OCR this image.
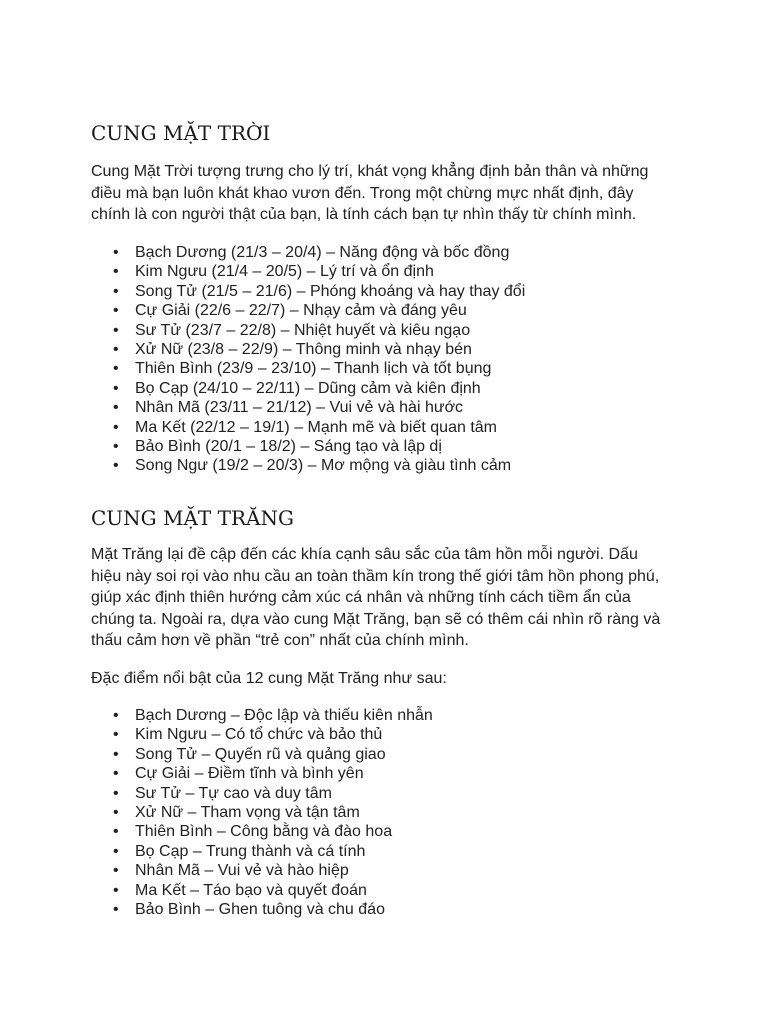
CUNG MẶT TRỜI

Cung Mặt Trời tượng trưng cho lý trí, khát vọng khẳng định bản thân và những
điều mà bạn luôn khát khao vươn đến. Trong một chừng mực nhất định, đây
chính là con người thật của bạn, là tính cách bạn tự nhìn thấy từ chính mình.

• Bạch Dương (21/3 – 20/4) – Năng động và bốc đồng
• Kim Ngưu (21/4 – 20/5) – Lý trí và ổn định
• Song Tử (21/5 – 21/6) – Phóng khoáng và hay thay đổi
• Cự Giải (22/6 – 22/7) – Nhạy cảm và đáng yêu
• Sư Tử (23/7 – 22/8) – Nhiệt huyết và kiêu ngạo
• Xử Nữ (23/8 – 22/9) – Thông minh và nhạy bén
• Thiên Bình (23/9 – 23/10) – Thanh lịch và tốt bụng
• Bọ Cạp (24/10 – 22/11) – Dũng cảm và kiên định
• Nhân Mã (23/11 – 21/12) – Vui vẻ và hài hước
• Ma Kết (22/12 – 19/1) – Mạnh mẽ và biết quan tâm
• Bảo Bình (20/1 – 18/2) – Sáng tạo và lập dị
• Song Ngư (19/2 – 20/3) – Mơ mộng và giàu tình cảm
CUNG MẶT TRĂNG

Mặt Trăng lại đề cập đến các khía cạnh sâu sắc của tâm hồn mỗi người. Dấu
hiệu này soi rọi vào nhu cầu an toàn thầm kín trong thế giới tâm hồn phong phú,
giúp xác định thiên hướng cảm xúc cá nhân và những tính cách tiềm ẩn của
chúng ta. Ngoài ra, dựa vào cung Mặt Trăng, bạn sẽ có thêm cái nhìn rõ ràng và
thấu cảm hơn về phần “trẻ con” nhất của chính mình.

Đặc điểm nổi bật của 12 cung Mặt Trăng như sau:

• Bạch Dương – Độc lập và thiếu kiên nhẫn
• Kim Ngưu – Có tổ chức và bảo thủ
• Song Tử – Quyến rũ và quảng giao
• Cự Giải – Điềm tĩnh và bình yên
• Sư Tử – Tự cao và duy tâm
• Xử Nữ – Tham vọng và tận tâm
• Thiên Bình – Công bằng và đào hoa
• Bọ Cạp – Trung thành và cá tính
• Nhân Mã – Vui vẻ và hào hiệp
• Ma Kết – Táo bạo và quyết đoán
• Bảo Bình – Ghen tuông và chu đáo
